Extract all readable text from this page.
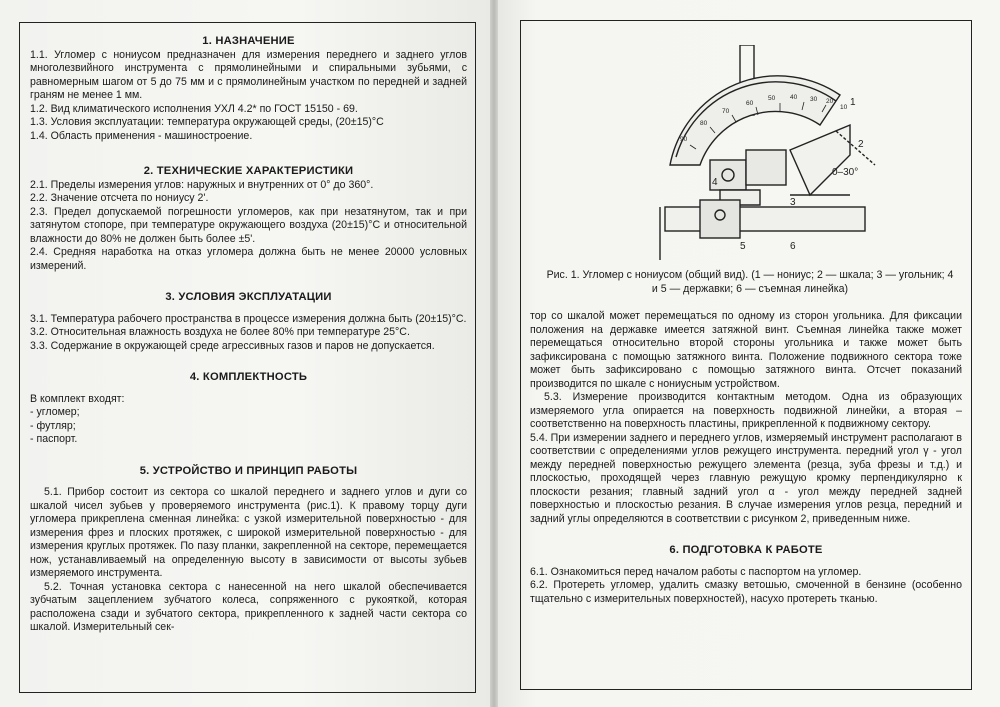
1. НАЗНАЧЕНИЕ

1.1. Угломер с нониусом предназначен для измерения переднего и заднего углов многолезвийного инструмента с прямолинейными и спиральными зубьями, с равномерным шагом от 5 до 75 мм и с прямолинейным участком по передней и задней граням не менее 1 мм.

1.2. Вид климатического исполнения УХЛ 4.2* по ГОСТ 15150 - 69.

1.3. Условия эксплуатации: температура окружающей среды, (20±15)°С

1.4. Область применения - машиностроение.

2. ТЕХНИЧЕСКИЕ ХАРАКТЕРИСТИКИ

2.1. Пределы измерения углов: наружных и внутренних от 0° до 360°.

2.2. Значение отсчета по нониусу 2'.

2.3. Предел допускаемой погрешности угломеров, как при незатянутом, так и при затянутом стопоре, при температуре окружающего воздуха (20±15)°С и относительной влажности до 80% не должен быть более ±5'.

2.4. Средняя наработка на отказ угломера должна быть не менее 20000 условных измерений.

3. УСЛОВИЯ ЭКСПЛУАТАЦИИ

3.1. Температура рабочего пространства в процессе измерения должна быть (20±15)°С.

3.2. Относительная влажность воздуха не более 80% при температуре 25°С.

3.3. Содержание в окружающей среде агрессивных газов и паров не допускается.

4. КОМПЛЕКТНОСТЬ

В комплект входят:

- угломер;

- футляр;

- паспорт.

5. УСТРОЙСТВО И ПРИНЦИП РАБОТЫ

5.1. Прибор состоит из сектора со шкалой переднего и заднего углов и дуги со шкалой чисел зубьев у проверяемого инструмента (рис.1). К правому торцу дуги угломера прикреплена сменная линейка: с узкой измерительной поверхностью - для измерения фрез и плоских протяжек, с широкой измерительной поверхностью - для измерения круглых протяжек. По пазу планки, закрепленной на секторе, перемещается нож, устанавливаемый на определенную высоту в зависимости от высоты зубьев измеряемого инструмента.

5.2. Точная установка сектора с нанесенной на него шкалой обеспечивается зубчатым зацеплением зубчатого колеса, сопряженного с рукояткой, которая расположена сзади и зубчатого сектора, прикрепленного к задней части сектора со шкалой. Измерительный сек-

90
80
70
60
50 40 30 20
10 1
2
3
4
5	6
0–30°
Рис. 1. Угломер с нониусом (общий вид). (1 — нониус; 2 — шкала; 3 — угольник; 4 и 5 — державки; 6 — съемная линейка)

тор со шкалой может перемещаться по одному из сторон угольника. Для фиксации положения на державке имеется затяжной винт. Съемная линейка также может перемещаться относительно второй стороны угольника и также может быть зафиксирована с помощью затяжного винта. Положение подвижного сектора тоже может быть зафиксировано с помощью затяжного винта. Отсчет показаний производится по шкале с нониусным устройством.

5.3. Измерение производится контактным методом. Одна из образующих измеряемого угла опирается на поверхность подвижной линейки, а вторая – соответственно на поверхность пластины, прикрепленной к подвижному сектору.

5.4. При измерении заднего и переднего углов, измеряемый инструмент располагают в соответствии с определениями углов режущего инструмента. передний угол γ - угол между передней поверхностью режущего элемента (резца, зуба фрезы и т.д.) и плоскостью, проходящей через главную режущую кромку перпендикулярно к плоскости резания; главный задний угол α - угол между передней задней поверхностью и плоскостью резания. В случае измерения углов резца, передний и задний углы определяются в соответствии с рисунком 2, приведенным ниже.

6. ПОДГОТОВКА К РАБОТЕ

6.1. Ознакомиться перед началом работы с паспортом на угломер.

6.2. Протереть угломер, удалить смазку ветошью, смоченной в бензине (особенно тщательно с измерительных поверхностей), насухо протереть тканью.
